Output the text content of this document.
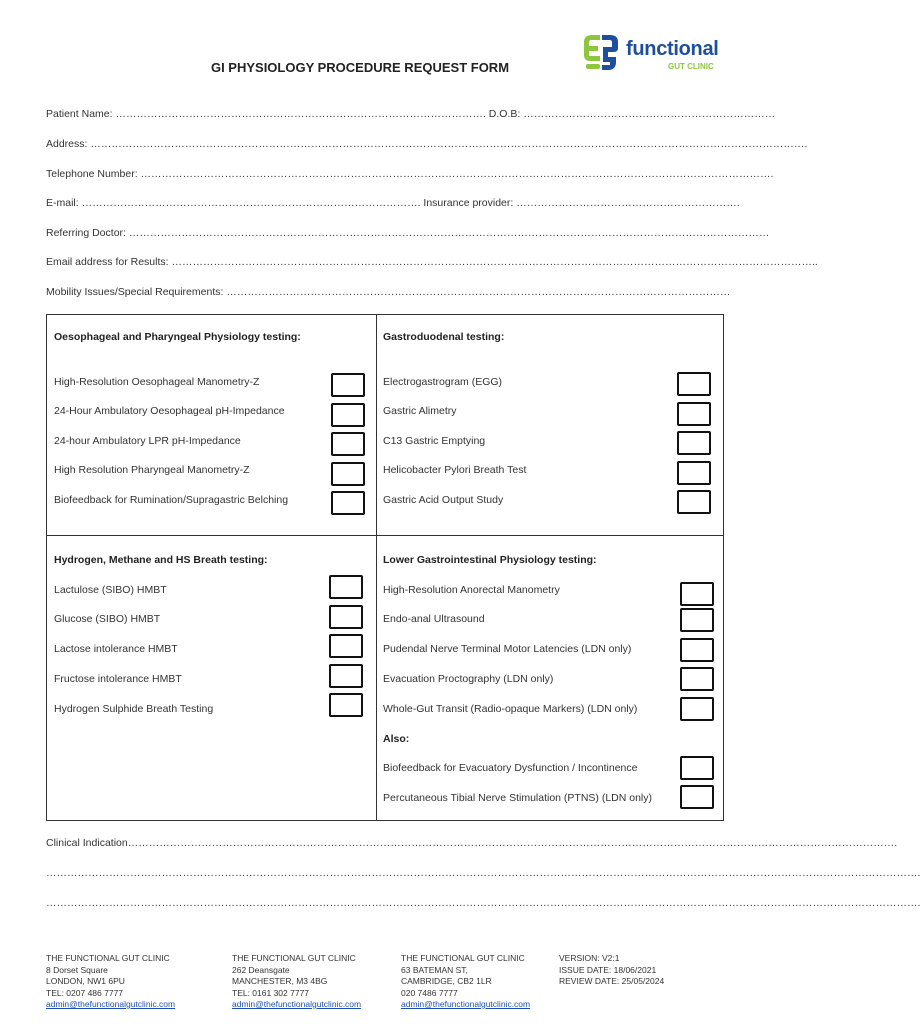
GI PHYSIOLOGY PROCEDURE REQUEST FORM
functional
GUT CLINIC
Patient Name: ……………………………………………………………………………………………. D.O.B: ………………………………………………………………
Address: …………………………………………………………………………………………………………………………………………………………………………………….
Telephone Number: ……………………………………………………………………………………………………………………………………………………………….
E-mail: ……………………………………………………………………………………. Insurance provider: ……………………………………………………….
Referring Doctor: …………………………………………………………………………………………………………………………………………………………………
Email address for Results: …………………………………………………………………………………………………………………………………………………………………..
Mobility Issues/Special Requirements: ………………………………………………………………………………………………………………………………
Oesophageal and Pharyngeal Physiology testing:
High-Resolution Oesophageal Manometry-Z
24-Hour Ambulatory Oesophageal pH-Impedance
24-hour Ambulatory LPR pH-Impedance
High Resolution Pharyngeal Manometry-Z
Biofeedback for Rumination/Supragastric Belching
Gastroduodenal testing:
Electrogastrogram (EGG)
Gastric Alimetry
C13 Gastric Emptying
Helicobacter Pylori Breath Test
Gastric Acid Output Study
Hydrogen, Methane and HS Breath testing:
Lactulose (SIBO) HMBT
Glucose (SIBO) HMBT
Lactose intolerance HMBT
Fructose intolerance HMBT
Hydrogen Sulphide Breath Testing
Lower Gastrointestinal Physiology testing:
High-Resolution Anorectal Manometry
Endo-anal Ultrasound
Pudendal Nerve Terminal Motor Latencies (LDN only)
Evacuation Proctography (LDN only)
Whole-Gut Transit (Radio-opaque Markers) (LDN only)
Also:
Biofeedback for Evacuatory Dysfunction / Incontinence
Percutaneous Tibial Nerve Stimulation (PTNS) (LDN only)
Clinical Indication………………………………………………………………………………………………………………………………………………………………………………………………….
…………………………………………………………………………………………………………………………………………………………………………………………………………………………….
…………………………………………………………………………………………………………………………………………………………………………………………………………………………….
THE FUNCTIONAL GUT CLINIC
8 Dorset Square
LONDON, NW1 6PU
TEL: 0207 486 7777
admin@thefunctionalgutclinic.com
THE FUNCTIONAL GUT CLINIC
262 Deansgate
MANCHESTER, M3 4BG
TEL: 0161 302 7777
admin@thefunctionalgutclinic.com
THE FUNCTIONAL GUT CLINIC
63 BATEMAN ST,
CAMBRIDGE, CB2 1LR
020 7486 7777
admin@thefunctionalgutclinic.com
VERSION: V2:1
ISSUE DATE: 18/06/2021
REVIEW DATE: 25/05/2024
